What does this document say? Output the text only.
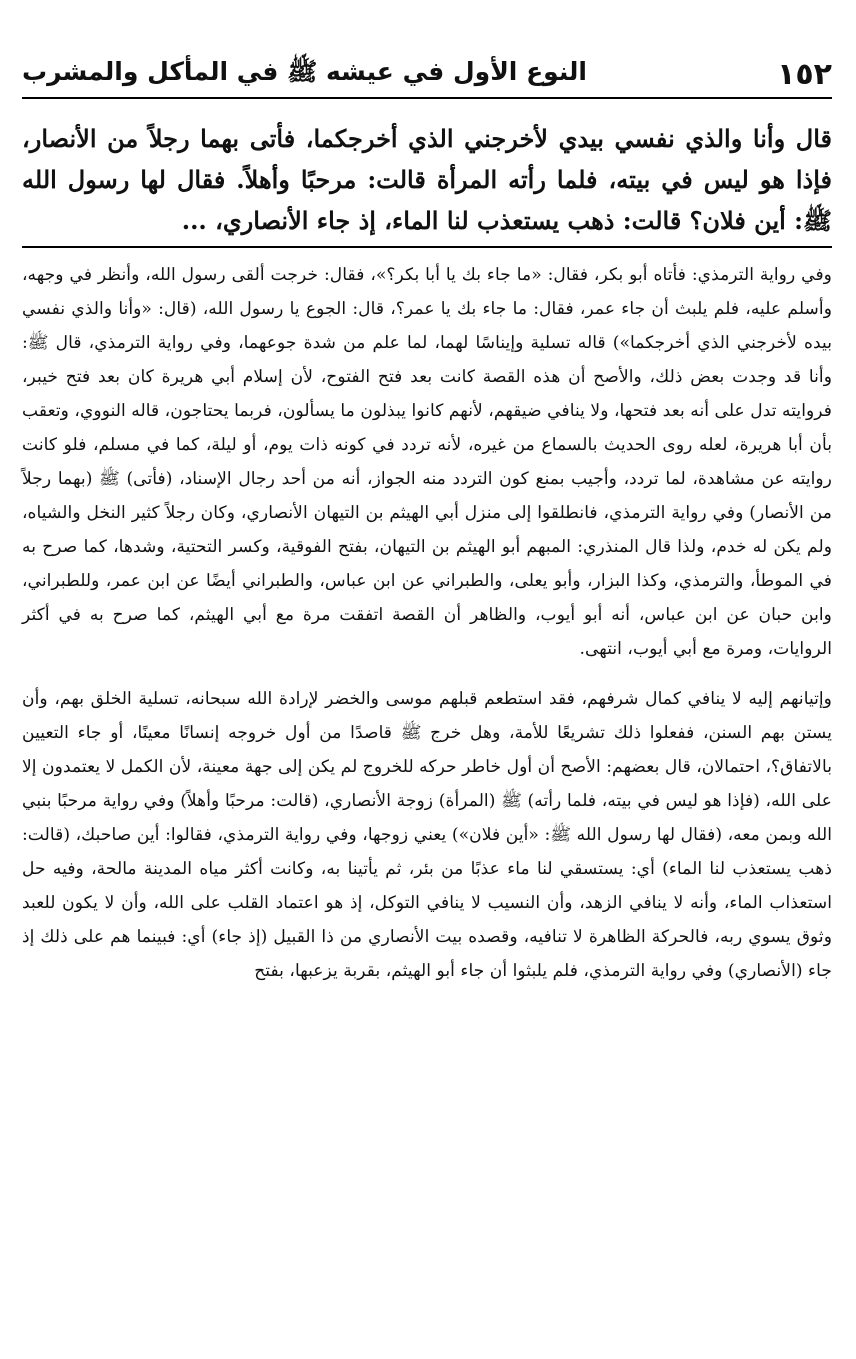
١٥٢
النوع الأول في عيشه ﷺ في المأكل والمشرب
قال وأنا والذي نفسي بيدي لأخرجني الذي أخرجكما، فأتى بهما رجلاً من الأنصار، فإذا هو ليس في بيته، فلما رأته المرأة قالت: مرحبًا وأهلاً. فقال لها رسول الله ﷺ: أين فلان؟ قالت: ذهب يستعذب لنا الماء، إذ جاء الأنصاري، ...

وفي رواية الترمذي: فأتاه أبو بكر، فقال: «ما جاء بك يا أبا بكر؟»، فقال: خرجت ألقى رسول الله، وأنظر في وجهه، وأسلم عليه، فلم يلبث أن جاء عمر، فقال: ما جاء بك يا عمر؟، قال: الجوع يا رسول الله، (قال: «وأنا والذي نفسي بيده لأخرجني الذي أخرجكما») قاله تسلية وإيناسًا لهما، لما علم من شدة جوعهما، وفي رواية الترمذي، قال ﷺ: وأنا قد وجدت بعض ذلك، والأصح أن هذه القصة كانت بعد فتح الفتوح، لأن إسلام أبي هريرة كان بعد فتح خيبر، فروايته تدل على أنه بعد فتحها، ولا ينافي ضيقهم، لأنهم كانوا يبذلون ما يسألون، فربما يحتاجون، قاله النووي، وتعقب بأن أبا هريرة، لعله روى الحديث بالسماع من غيره، لأنه تردد في كونه ذات يوم، أو ليلة، كما في مسلم، فلو كانت روايته عن مشاهدة، لما تردد، وأجيب بمنع كون التردد منه الجواز، أنه من أحد رجال الإسناد، (فأتى) ﷺ (بهما رجلاً من الأنصار) وفي رواية الترمذي، فانطلقوا إلى منزل أبي الهيثم بن التيهان الأنصاري، وكان رجلاً كثير النخل والشياه، ولم يكن له خدم، ولذا قال المنذري: المبهم أبو الهيثم بن التيهان، بفتح الفوقية، وكسر التحتية، وشدها، كما صرح به في الموطأ، والترمذي، وكذا البزار، وأبو يعلى، والطبراني عن ابن عباس، والطبراني أيضًا عن ابن عمر، وللطبراني، وابن حبان عن ابن عباس، أنه أبو أيوب، والظاهر أن القصة اتفقت مرة مع أبي الهيثم، كما صرح به في أكثر الروايات، ومرة مع أبي أيوب، انتهى.

وإتيانهم إليه لا ينافي كمال شرفهم، فقد استطعم قبلهم موسى والخضر لإرادة الله سبحانه، تسلية الخلق بهم، وأن يستن بهم السنن، ففعلوا ذلك تشريعًا للأمة، وهل خرج ﷺ قاصدًا من أول خروجه إنسانًا معينًا، أو جاء التعيين بالاتفاق؟، احتمالان، قال بعضهم: الأصح أن أول خاطر حركه للخروج لم يكن إلى جهة معينة، لأن الكمل لا يعتمدون إلا على الله، (فإذا هو ليس في بيته، فلما رأته) ﷺ (المرأة) زوجة الأنصاري، (قالت: مرحبًا وأهلاً) وفي رواية مرحبًا بنبي الله وبمن معه، (فقال لها رسول الله ﷺ: «أين فلان») يعني زوجها، وفي رواية الترمذي، فقالوا: أين صاحبك، (قالت: ذهب يستعذب لنا الماء) أي: يستسقي لنا ماء عذبًا من بئر، ثم يأتينا به، وكانت أكثر مياه المدينة مالحة، وفيه حل استعذاب الماء، وأنه لا ينافي الزهد، وأن النسيب لا ينافي التوكل، إذ هو اعتماد القلب على الله، وأن لا يكون للعبد وثوق يسوي ربه، فالحركة الظاهرة لا تنافيه، وقصده بيت الأنصاري من ذا القبيل (إذ جاء) أي: فبينما هم على ذلك إذ جاء (الأنصاري) وفي رواية الترمذي، فلم يلبثوا أن جاء أبو الهيثم، بقربة يزعبها، بفتح
